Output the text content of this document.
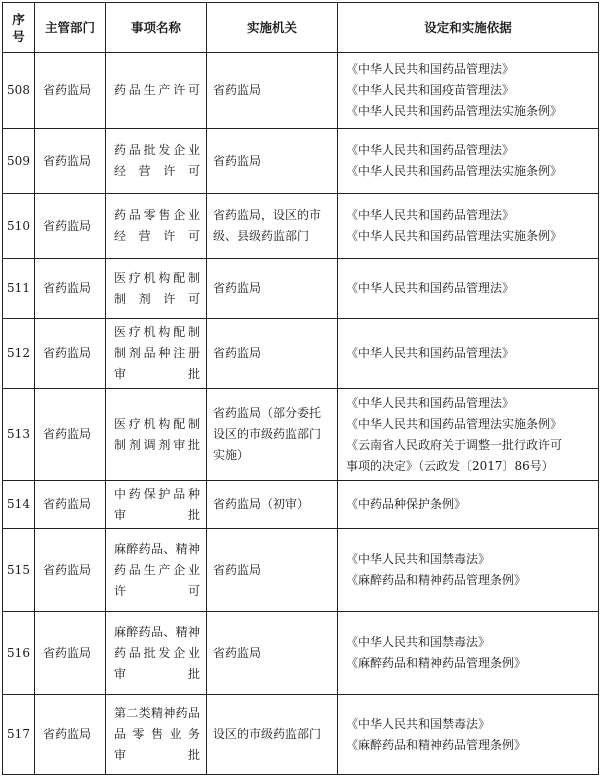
序
号	主管部门	事项名称	实施机关	设定和实施依据
508	省药监局	药品生产许可	省药监局	《中华人民共和国药品管理法》
《中华人民共和国疫苗管理法》
《中华人民共和国药品管理法实施条例》

509	省药监局	药品批发企业
经营许可	省药监局	《中华人民共和国药品管理法》
《中华人民共和国药品管理法实施条例》

510	省药监局	药品零售企业
经营许可	省药监局，设区的市
级、县级药监部门	《中华人民共和国药品管理法》
《中华人民共和国药品管理法实施条例》

511	省药监局	医疗机构配制
制剂许可	省药监局	《中华人民共和国药品管理法》

512	省药监局	医疗机构配制
制剂品种注册
审批	省药监局	《中华人民共和国药品管理法》

513	省药监局	医疗机构配制
制剂调剂审批	省药监局（部分委托
设区的市级药监部门
实施）	《中华人民共和国药品管理法》
《中华人民共和国药品管理法实施条例》
《云南省人民政府关于调整一批行政许可
事项的决定》（云政发〔2017〕86号）

514	省药监局	中药保护品种
审批	省药监局（初审）	《中药品种保护条例》

515	省药监局	麻醉药品、精神
药品生产企业
许可	省药监局	《中华人民共和国禁毒法》
《麻醉药品和精神药品管理条例》

516	省药监局	麻醉药品、精神
药品批发企业
审批	省药监局	《中华人民共和国禁毒法》
《麻醉药品和精神药品管理条例》

517	省药监局	第二类精神药品
品零售业务
审批	设区的市级药监部门	《中华人民共和国禁毒法》
《麻醉药品和精神药品管理条例》
